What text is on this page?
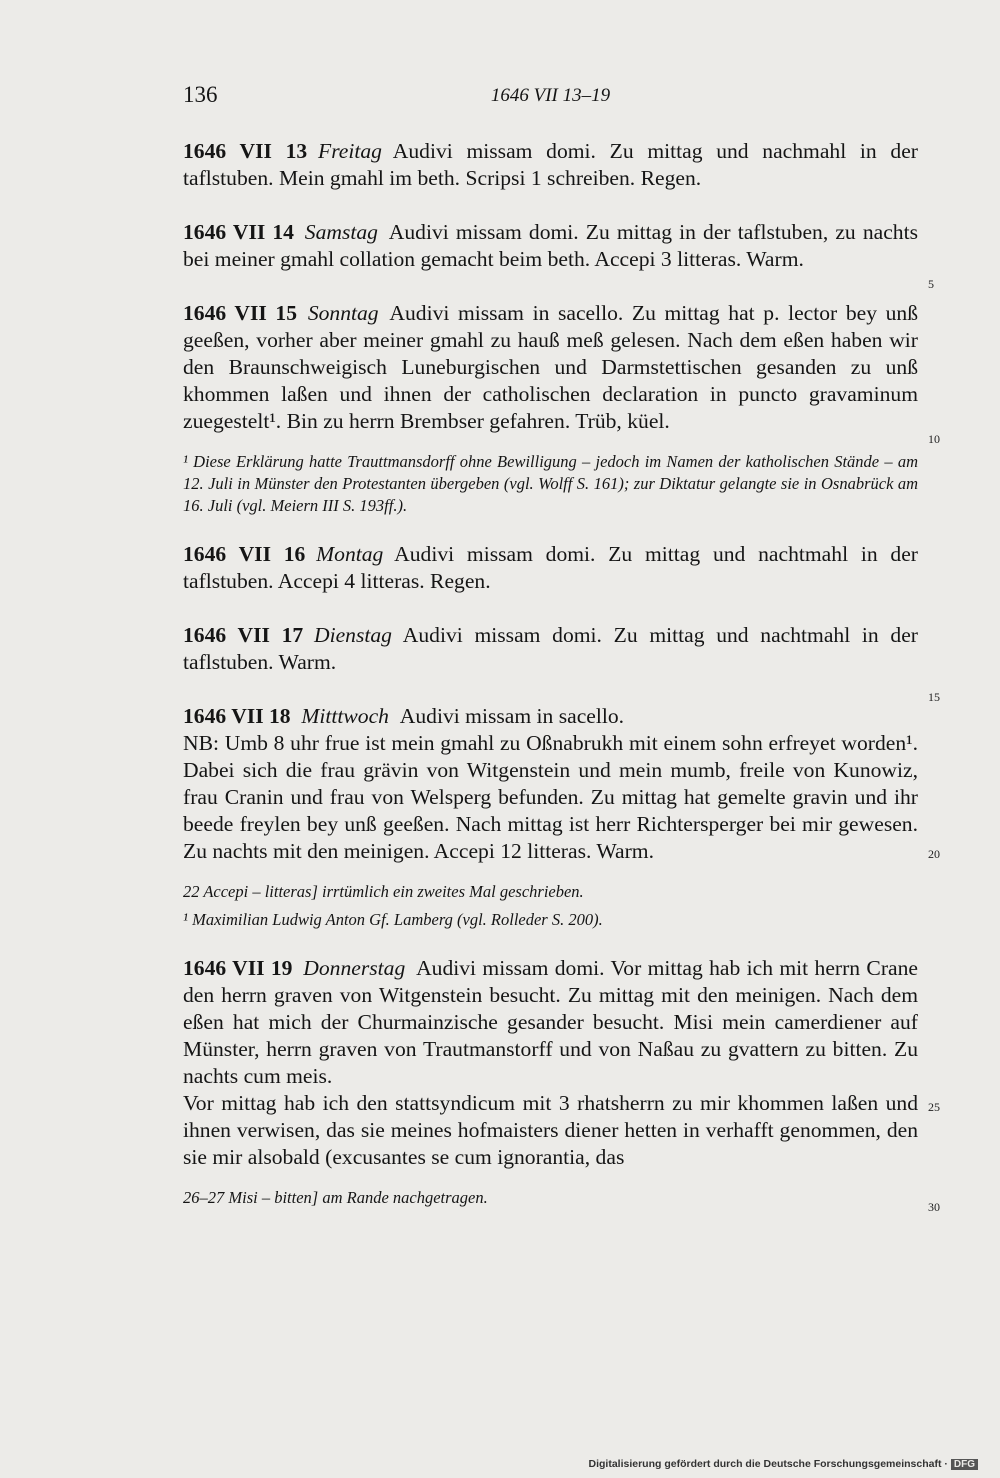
136	1646 VII 13–19

1646 VII 13  Freitag  Audivi missam domi. Zu mittag und nachmahl in der taflstuben. Mein gmahl im beth. Scripsi 1 schreiben. Regen.

1646 VII 14  Samstag  Audivi missam domi. Zu mittag in der taflstuben, zu nachts bei meiner gmahl collation gemacht beim beth. Accepi 3 litteras. Warm.

1646 VII 15  Sonntag  Audivi missam in sacello. Zu mittag hat p. lector bey unß geeßen, vorher aber meiner gmahl zu hauß meß gelesen. Nach dem eßen haben wir den Braunschweigisch Luneburgischen und Darmstettischen gesanden zu unß khommen laßen und ihnen der catholischen declaration in puncto gravaminum zuegestelt¹. Bin zu herrn Brembser gefahren. Trüb, küel.

¹ Diese Erklärung hatte Trauttmansdorff ohne Bewilligung – jedoch im Namen der katholischen Stände – am 12. Juli in Münster den Protestanten übergeben (vgl. Wolff S. 161); zur Diktatur gelangte sie in Osnabrück am 16. Juli (vgl. Meiern III S. 193ff.).

1646 VII 16  Montag  Audivi missam domi. Zu mittag und nachtmahl in der taflstuben. Accepi 4 litteras. Regen.

1646 VII 17  Dienstag  Audivi missam domi. Zu mittag und nachtmahl in der taflstuben. Warm.

1646 VII 18  Mitttwoch  Audivi missam in sacello.

NB: Umb 8 uhr frue ist mein gmahl zu Oßnabrukh mit einem sohn erfreyet worden¹. Dabei sich die frau grävin von Witgenstein und mein mumb, freile von Kunowiz, frau Cranin und frau von Welsperg befunden. Zu mittag hat gemelte gravin und ihr beede freylen bey unß geeßen. Nach mittag ist herr Richtersperger bei mir gewesen. Zu nachts mit den meinigen. Accepi 12 litteras. Warm.

22 Accepi – litteras] irrtümlich ein zweites Mal geschrieben.

¹ Maximilian Ludwig Anton Gf. Lamberg (vgl. Rolleder S. 200).

1646 VII 19  Donnerstag  Audivi missam domi. Vor mittag hab ich mit herrn Crane den herrn graven von Witgenstein besucht. Zu mittag mit den meinigen. Nach dem eßen hat mich der Churmainzische gesander besucht. Misi mein camerdiener auf Münster, herrn graven von Trautmanstorff und von Naßau zu gvattern zu bitten. Zu nachts cum meis.

Vor mittag hab ich den stattsyndicum mit 3 rhatsherrn zu mir khommen laßen und ihnen verwisen, das sie meines hofmaisters diener hetten in verhafft genommen, den sie mir alsobald (excusantes se cum ignorantia, das

26–27 Misi – bitten] am Rande nachgetragen.

5
10
15
20
25
30
Digitalisierung gefördert durch die Deutsche Forschungsgemeinschaft · DFG
